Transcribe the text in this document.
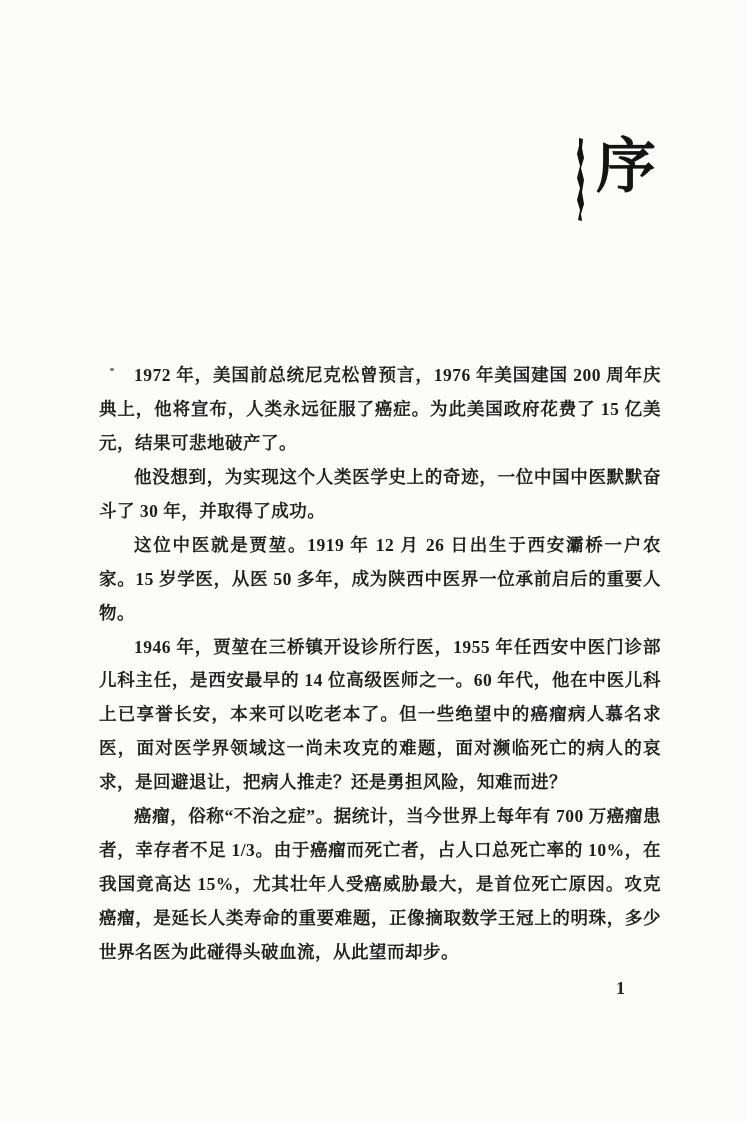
序

1972 年，美国前总统尼克松曾预言，1976 年美国建国 200 周年庆典上，他将宣布，人类永远征服了癌症。为此美国政府花费了 15 亿美元，结果可悲地破产了。

他没想到，为实现这个人类医学史上的奇迹，一位中国中医默默奋斗了 30 年，并取得了成功。

这位中医就是贾堃。1919 年 12 月 26 日出生于西安灞桥一户农家。15 岁学医，从医 50 多年，成为陕西中医界一位承前启后的重要人物。

1946 年，贾堃在三桥镇开设诊所行医，1955 年任西安中医门诊部儿科主任，是西安最早的 14 位高级医师之一。60 年代，他在中医儿科上已享誉长安，本来可以吃老本了。但一些绝望中的癌瘤病人慕名求医，面对医学界领域这一尚未攻克的难题，面对濒临死亡的病人的哀求，是回避退让，把病人推走？还是勇担风险，知难而进？

癌瘤，俗称“不治之症”。据统计，当今世界上每年有 700 万癌瘤患者，幸存者不足 1/3。由于癌瘤而死亡者，占人口总死亡率的 10%，在我国竟高达 15%，尤其壮年人受癌威胁最大，是首位死亡原因。攻克癌瘤，是延长人类寿命的重要难题，正像摘取数学王冠上的明珠，多少世界名医为此碰得头破血流，从此望而却步。

1
